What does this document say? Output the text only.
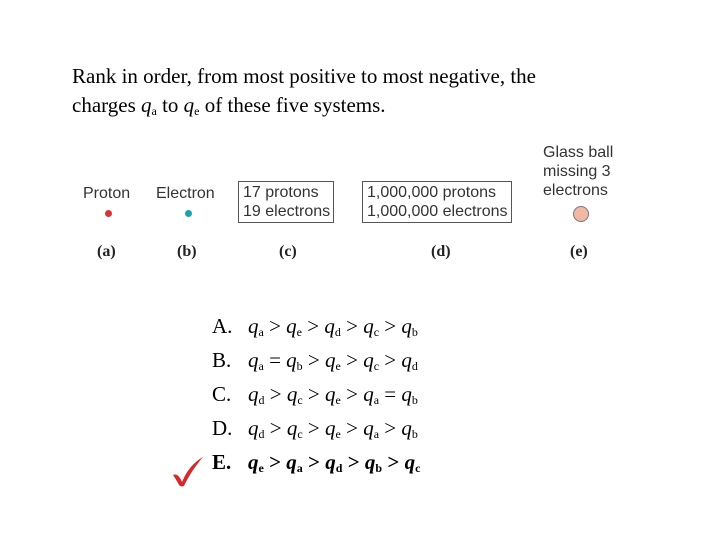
Rank in order, from most positive to most negative, the
charges $q_a$ to $q_e$ of these five systems.
Proton Electron 17 protons
19 electrons
1,000,000 protons
1,000,000 electrons
Glass ball
missing 3
electrons
(a)	(b)	(c)	(d)	(e)
A. $q_a > q_e > q_d > q_c > q_b$
B. $q_a = q_b > q_e > q_c > q_d$
C. $q_d > q_c > q_e > q_a = q_b$
D. $q_d > q_c > q_e > q_a > q_b$
E. $q_e > q_a > q_d > q_b > q_c$
